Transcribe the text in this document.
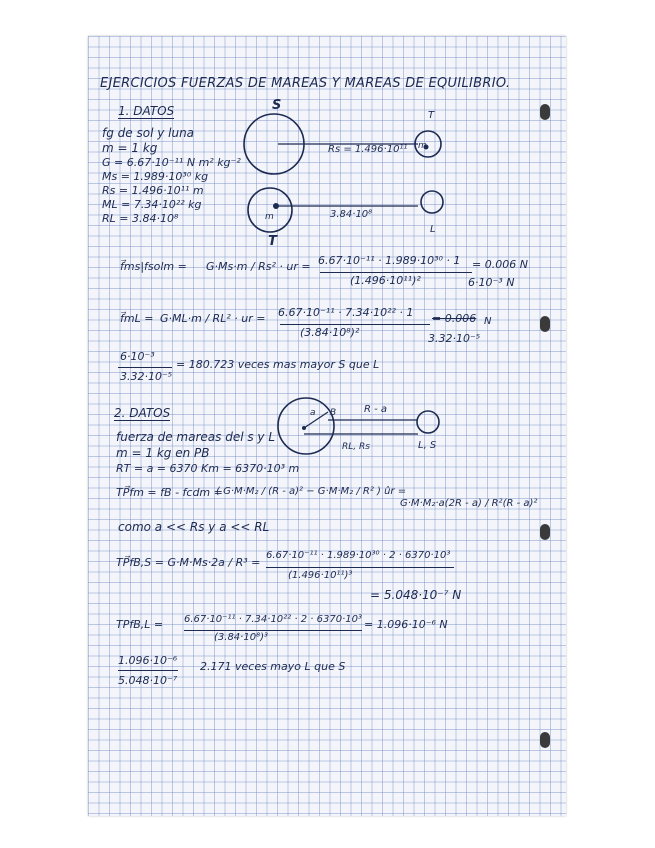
EJERCICIOS FUERZAS DE MAREAS Y MAREAS DE EQUILIBRIO.
1. DATOS
fg de sol y luna
m = 1 kg
G = 6.67·10⁻¹¹ N m² kg⁻²
Ms = 1.989·10³⁰ kg
Rs = 1.496·10¹¹ m
ML = 7.34·10²² kg
RL = 3.84·10⁸
S
T
m
Rs = 1.496·10¹¹
m	3.84·10⁸
L
T
f⃗ms|fsolm = G·Ms·m / Rs² · ur = 6.67·10⁻¹¹ · 1.989·10³⁰ · 1
(1.496·10¹¹)²
= 0.006 N
6·10⁻³ N
f⃗mL = G·ML·m / RL² · ur = 6.67·10⁻¹¹ · 7.34·10²² · 1
(3.84·10⁸)²
= 0.006 N
3.32·10⁻⁵
6·10⁻³
3.32·10⁻⁵
= 180.723 veces mas mayor S que L
2. DATOS	a B	R - a
RL, Rs	L, S
fuerza de mareas del s y L
m = 1 kg en PB
RT = a = 6370 Km = 6370·10³ m
TP⃗fm = fB - fcdm =
( G·M·M₂ / (R - a)² − G·M·M₂ / R² ) ûr =
G·M·M₂·a(2R - a) / R²(R - a)²
como a << Rs y a << RL
TP⃗fB,S = G·M·Ms·2a / R³ =
6.67·10⁻¹¹ · 1.989·10³⁰ · 2 · 6370·10³
(1.496·10¹¹)³
= 5.048·10⁻⁷ N
TPfB,L = 6.67·10⁻¹¹ · 7.34·10²² · 2 · 6370·10³
(3.84·10⁸)³
= 1.096·10⁻⁶ N
1.096·10⁻⁶
5.048·10⁻⁷
2.171 veces mayo L que S
